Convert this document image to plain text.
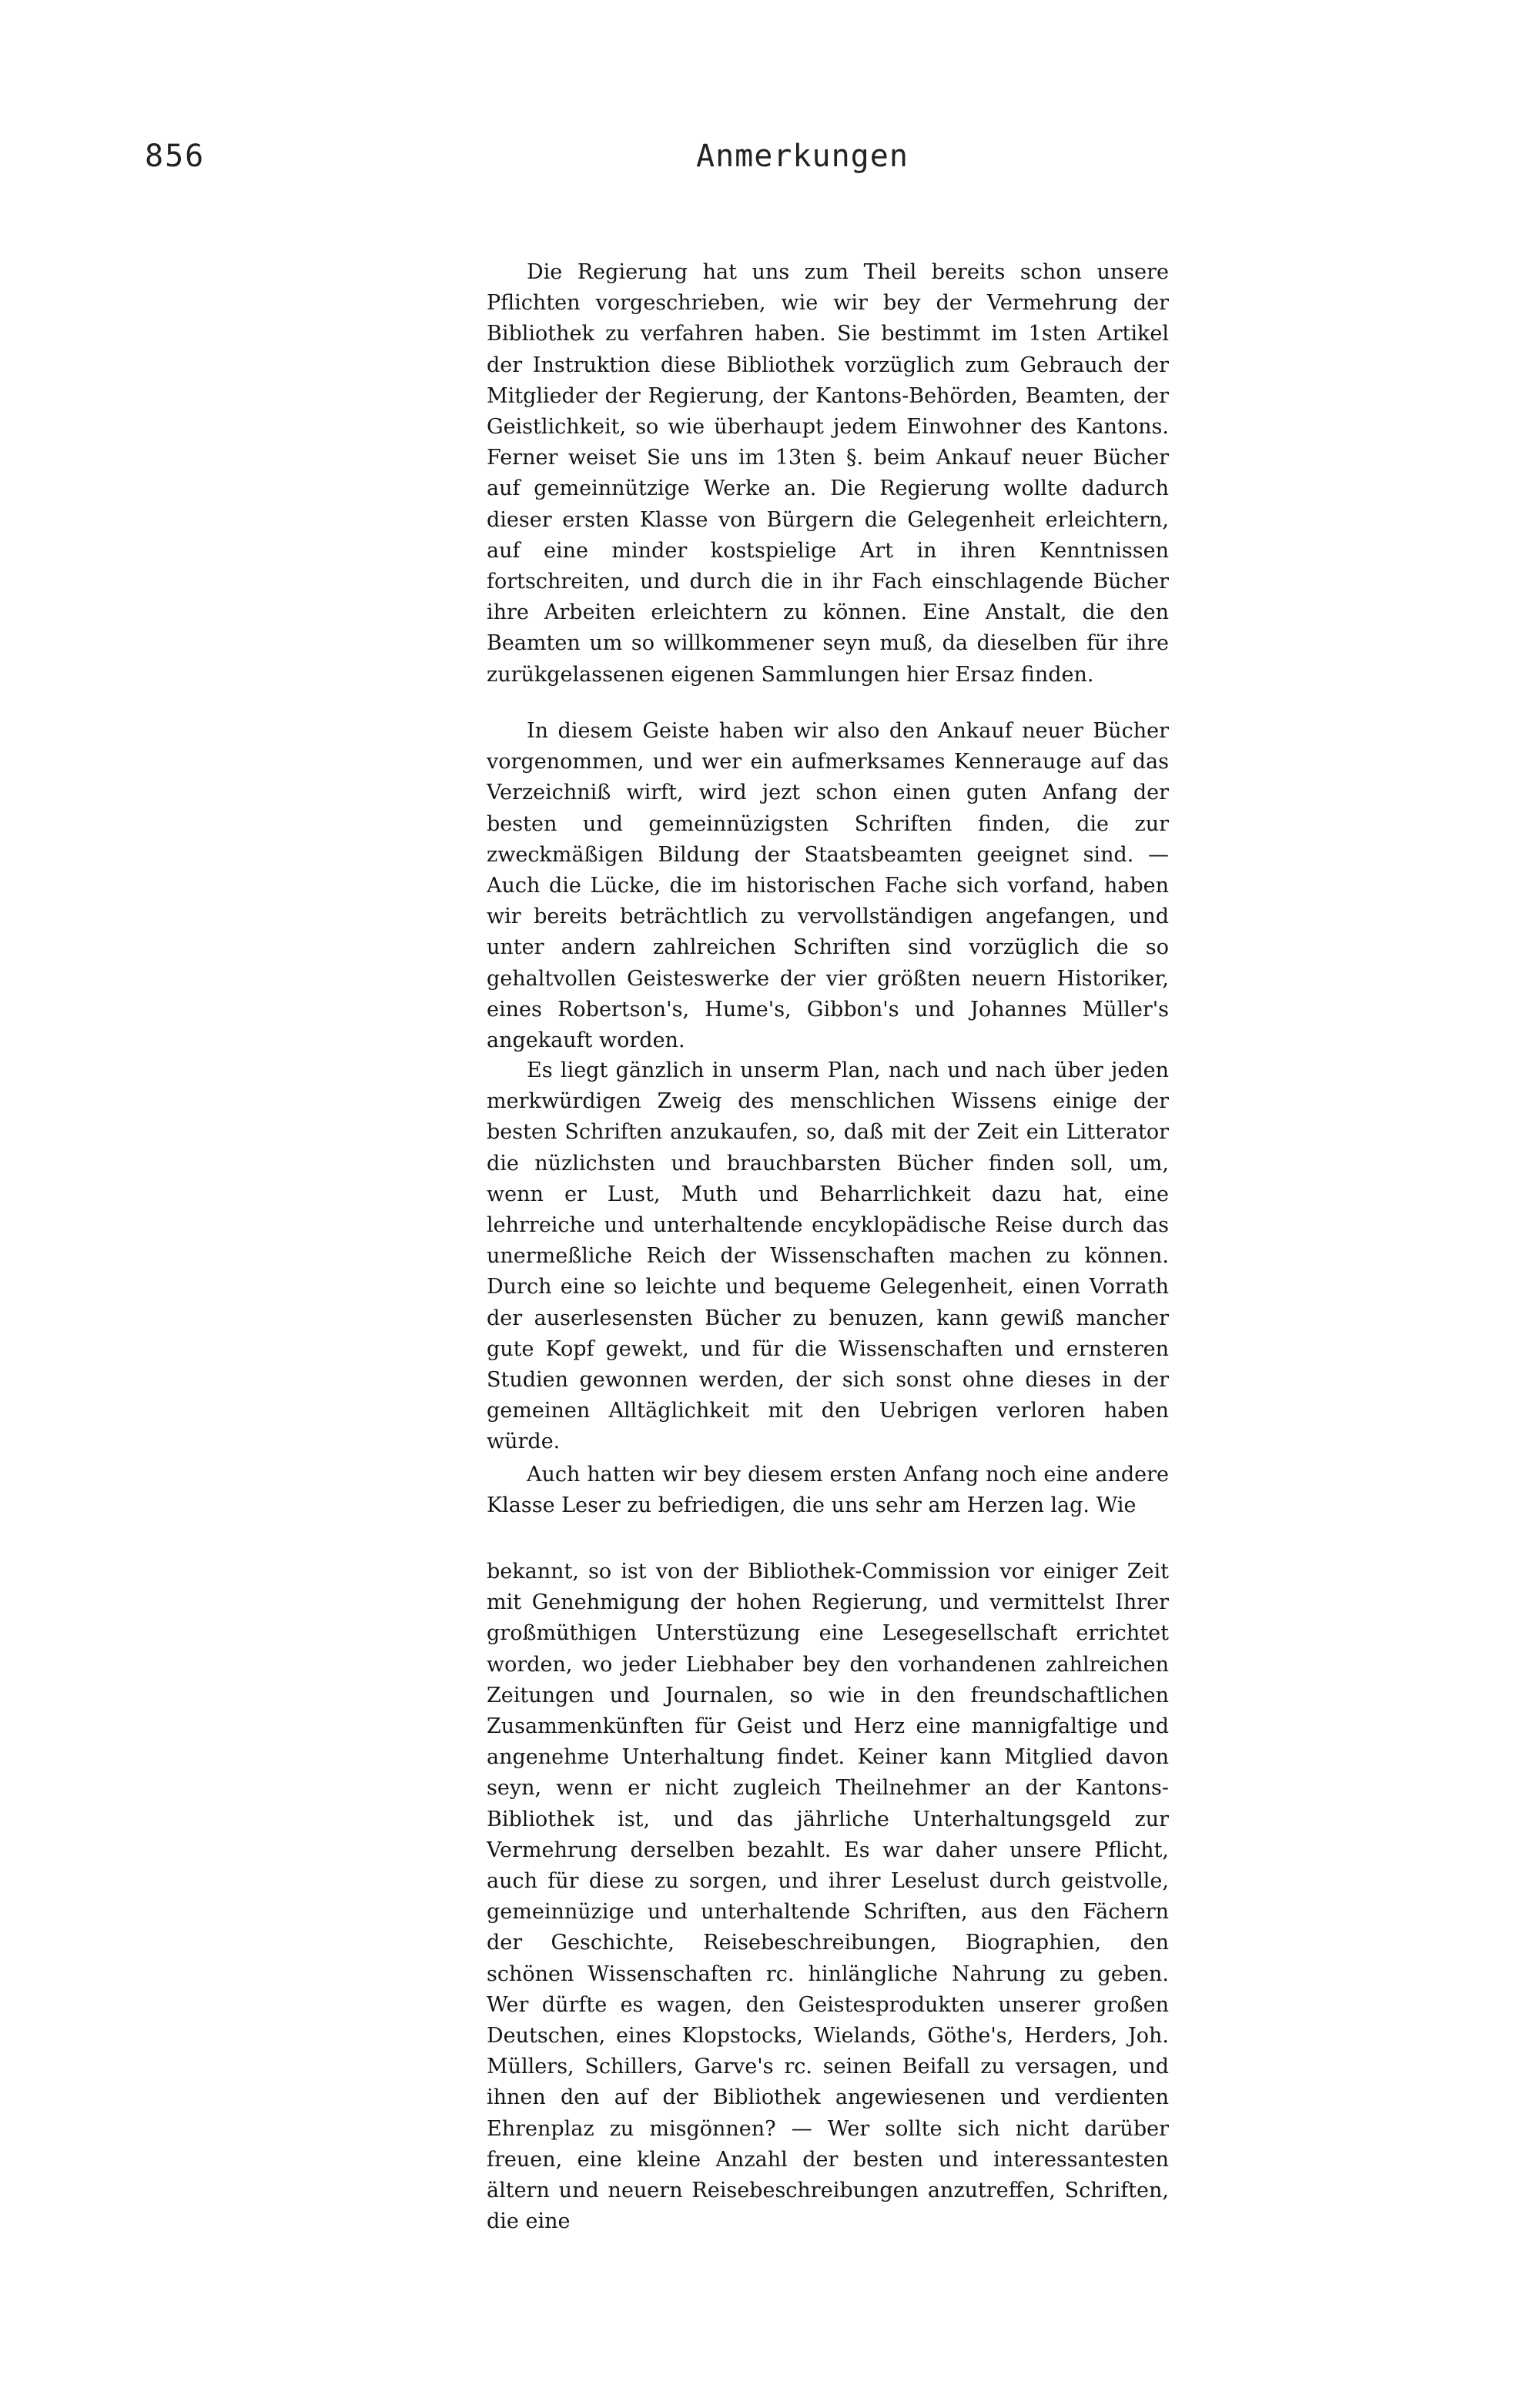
856	Anmerkungen

Die Regierung hat uns zum Theil bereits schon unsere Pflichten vorgeschrieben, wie wir bey der Vermehrung der Bibliothek zu verfahren haben. Sie bestimmt im 1sten Artikel der Instruktion diese Bibliothek vorzüglich zum Gebrauch der Mitglieder der Regierung, der Kantons-Behörden, Beamten, der Geistlichkeit, so wie überhaupt jedem Einwohner des Kantons. Ferner weiset Sie uns im 13ten §. beim Ankauf neuer Bücher auf gemeinnützige Werke an. Die Regierung wollte dadurch dieser ersten Klasse von Bürgern die Gelegenheit erleichtern, auf eine minder kostspielige Art in ihren Kenntnissen fortschreiten, und durch die in ihr Fach einschlagende Bücher ihre Arbeiten erleichtern zu können. Eine Anstalt, die den Beamten um so willkommener seyn muß, da dieselben für ihre zurükgelassenen eigenen Sammlungen hier Ersaz finden.

In diesem Geiste haben wir also den Ankauf neuer Bücher vorgenommen, und wer ein aufmerksames Kennerauge auf das Verzeichniß wirft, wird jezt schon einen guten Anfang der besten und gemeinnüzigsten Schriften finden, die zur zweckmäßigen Bildung der Staatsbeamten geeignet sind. — Auch die Lücke, die im historischen Fache sich vorfand, haben wir bereits beträchtlich zu vervollständigen angefangen, und unter andern zahlreichen Schriften sind vorzüglich die so gehaltvollen Geisteswerke der vier größten neuern Historiker, eines Robertson's, Hume's, Gibbon's und Johannes Müller's angekauft worden.

Es liegt gänzlich in unserm Plan, nach und nach über jeden merkwürdigen Zweig des menschlichen Wissens einige der besten Schriften anzukaufen, so, daß mit der Zeit ein Litterator die nüzlichsten und brauchbarsten Bücher finden soll, um, wenn er Lust, Muth und Beharrlichkeit dazu hat, eine lehrreiche und unterhaltende encyklopädische Reise durch das unermeßliche Reich der Wissenschaften machen zu können. Durch eine so leichte und bequeme Gelegenheit, einen Vorrath der auserlesensten Bücher zu benuzen, kann gewiß mancher gute Kopf gewekt, und für die Wissenschaften und ernsteren Studien gewonnen werden, der sich sonst ohne dieses in der gemeinen Alltäglichkeit mit den Uebrigen verloren haben würde.

Auch hatten wir bey diesem ersten Anfang noch eine andere Klasse Leser zu befriedigen, die uns sehr am Herzen lag. Wie

bekannt, so ist von der Bibliothek-Commission vor einiger Zeit mit Genehmigung der hohen Regierung, und vermittelst Ihrer großmüthigen Unterstüzung eine Lesegesellschaft errichtet worden, wo jeder Liebhaber bey den vorhandenen zahlreichen Zeitungen und Journalen, so wie in den freundschaftlichen Zusammenkünften für Geist und Herz eine mannigfaltige und angenehme Unterhaltung findet. Keiner kann Mitglied davon seyn, wenn er nicht zugleich Theilnehmer an der Kantons-Bibliothek ist, und das jährliche Unterhaltungsgeld zur Vermehrung derselben bezahlt. Es war daher unsere Pflicht, auch für diese zu sorgen, und ihrer Leselust durch geistvolle, gemeinnüzige und unterhaltende Schriften, aus den Fächern der Geschichte, Reisebeschreibungen, Biographien, den schönen Wissenschaften rc. hinlängliche Nahrung zu geben. Wer dürfte es wagen, den Geistesprodukten unserer großen Deutschen, eines Klopstocks, Wielands, Göthe's, Herders, Joh. Müllers, Schillers, Garve's rc. seinen Beifall zu versagen, und ihnen den auf der Bibliothek angewiesenen und verdienten Ehrenplaz zu misgönnen? — Wer sollte sich nicht darüber freuen, eine kleine Anzahl der besten und interessantesten ältern und neuern Reisebeschreibungen anzutreffen, Schriften, die eine
